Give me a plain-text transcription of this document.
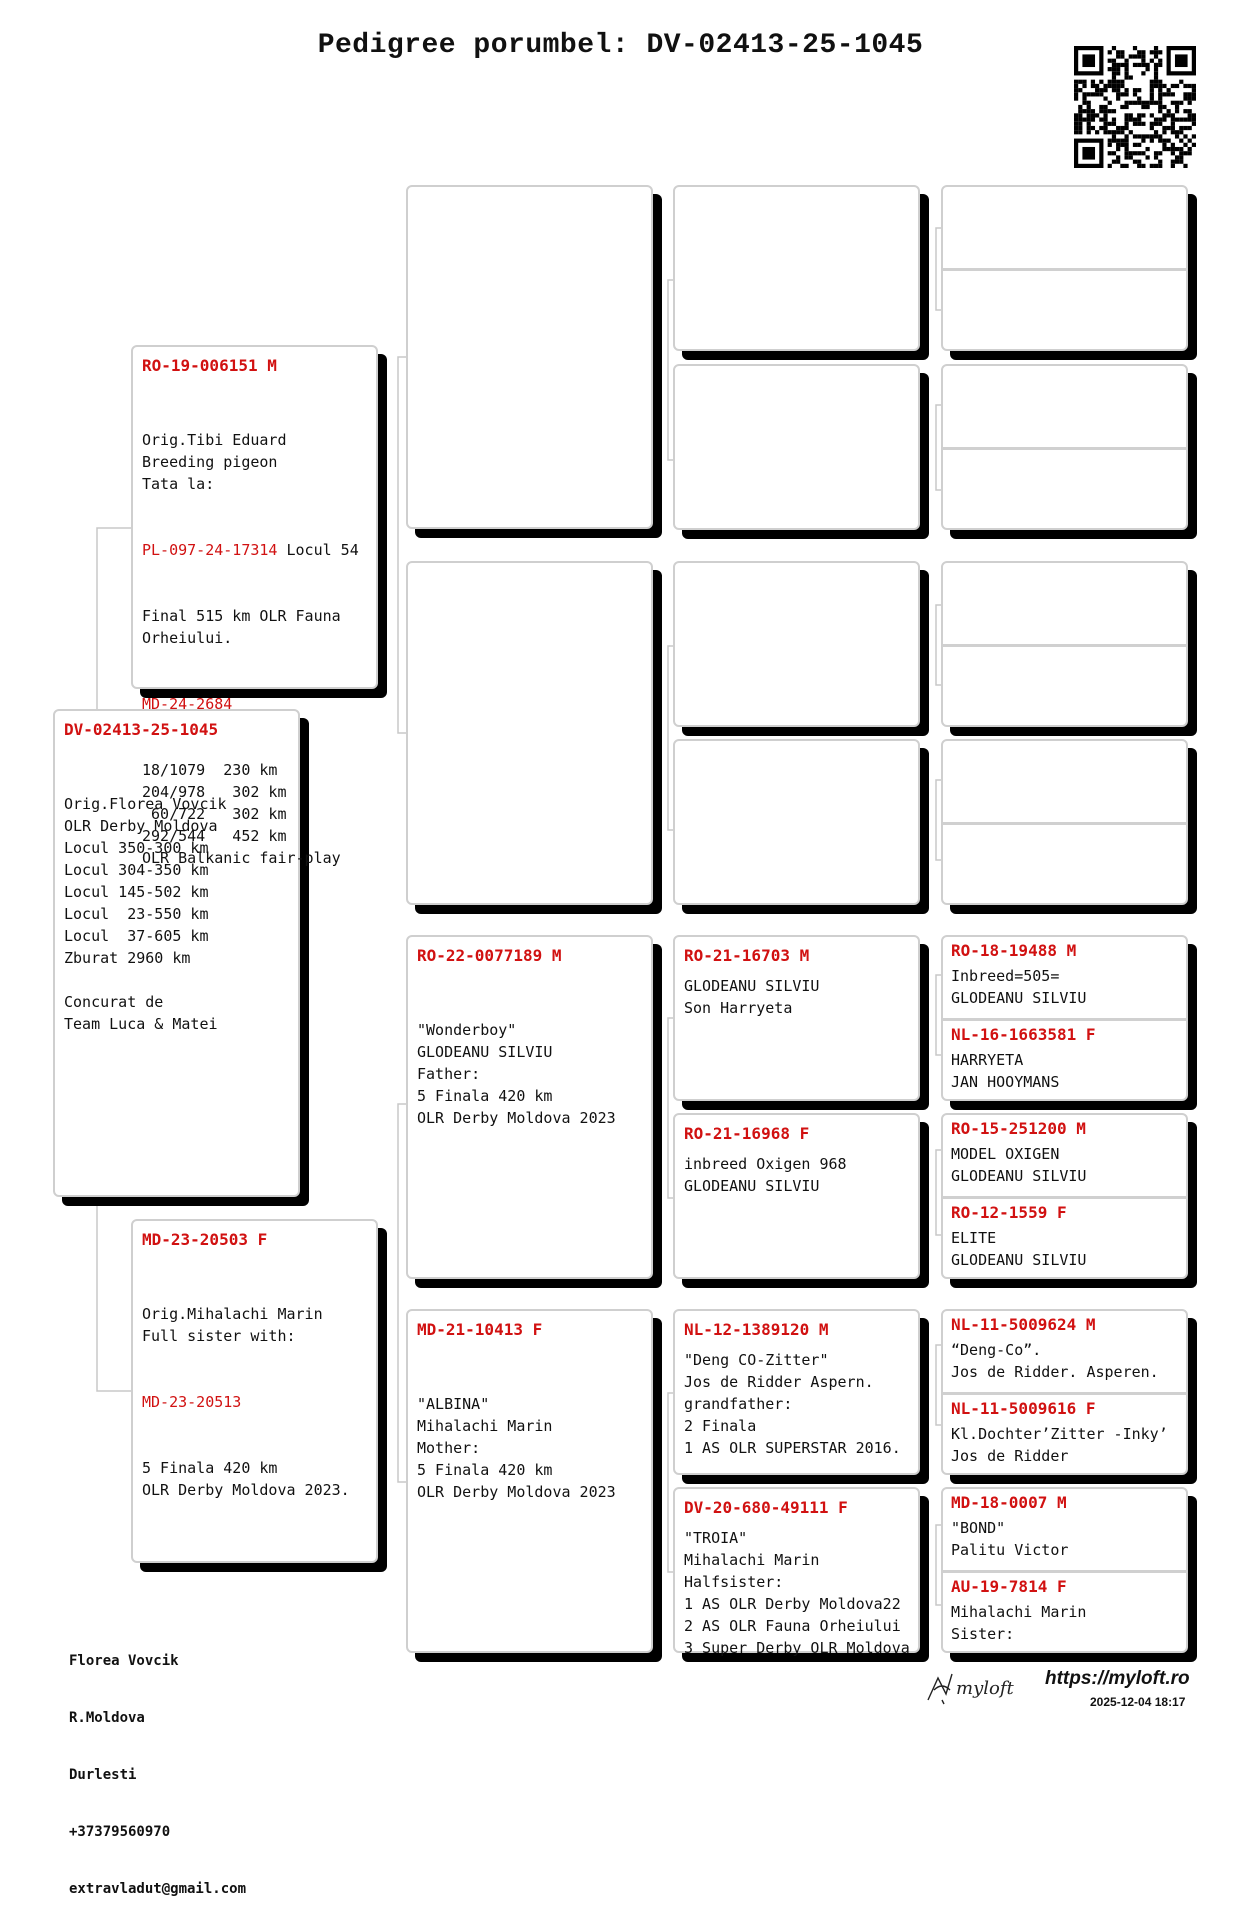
Pedigree porumbel: DV-02413-25-1045
DV-02413-25-1045

Orig.Florea Vovcik
OLR Derby Moldova
Locul 350-300 km
Locul 304-350 km
Locul 145-502 km
Locul  23-550 km
Locul  37-605 km
Zburat 2960 km

Concurat de
Team Luca & Matei

RO-19-006151 M

Orig.Tibi Eduard
Breeding pigeon
Tata la:

PL-097-24-17314 Locul 54

Final 515 km OLR Fauna
Orheiului.

MD-24-2684

18/1079  230 km
204/978   302 km
60/722   302 km
292/544   452 km
OLR Balkanic fair-play

MD-23-20503 F

Orig.Mihalachi Marin
Full sister with:

MD-23-20513

5 Finala 420 km
OLR Derby Moldova 2023.

RO-22-0077189 M

"Wonderboy"
GLODEANU SILVIU
Father:
5 Finala 420 km
OLR Derby Moldova 2023

MD-21-10413 F

"ALBINA"
Mihalachi Marin
Mother:
5 Finala 420 km
OLR Derby Moldova 2023

RO-21-16703 M
GLODEANU SILVIU
Son Harryeta
RO-21-16968 F
inbreed Oxigen 968
GLODEANU SILVIU
NL-12-1389120 M
"Deng CO-Zitter"
Jos de Ridder Aspern.
grandfather:
2 Finala
1 AS OLR SUPERSTAR 2016.
DV-20-680-49111 F
"TROIA"
Mihalachi Marin
Halfsister:
1 AS OLR Derby Moldova22
2 AS OLR Fauna Orheiului
3 Super Derby OLR Moldova
RO-18-19488 M
Inbreed=505=
GLODEANU SILVIU
NL-16-1663581 F
HARRYETA
JAN HOOYMANS
RO-15-251200 M
MODEL OXIGEN
GLODEANU SILVIU
RO-12-1559 F
ELITE
GLODEANU SILVIU
NL-11-5009624 M
“Deng-Co”.
Jos de Ridder. Asperen.
NL-11-5009616 F
Kl.Dochter’Zitter -Inky’
Jos de Ridder
MD-18-0007 M
"BOND"
Palitu Victor
AU-19-7814 F
Mihalachi Marin
Sister:

Florea Vovcik

R.Moldova

Durlesti

+37379560970

extravladut@gmail.com

myloft https://myloft.ro
2025-12-04 18:17
